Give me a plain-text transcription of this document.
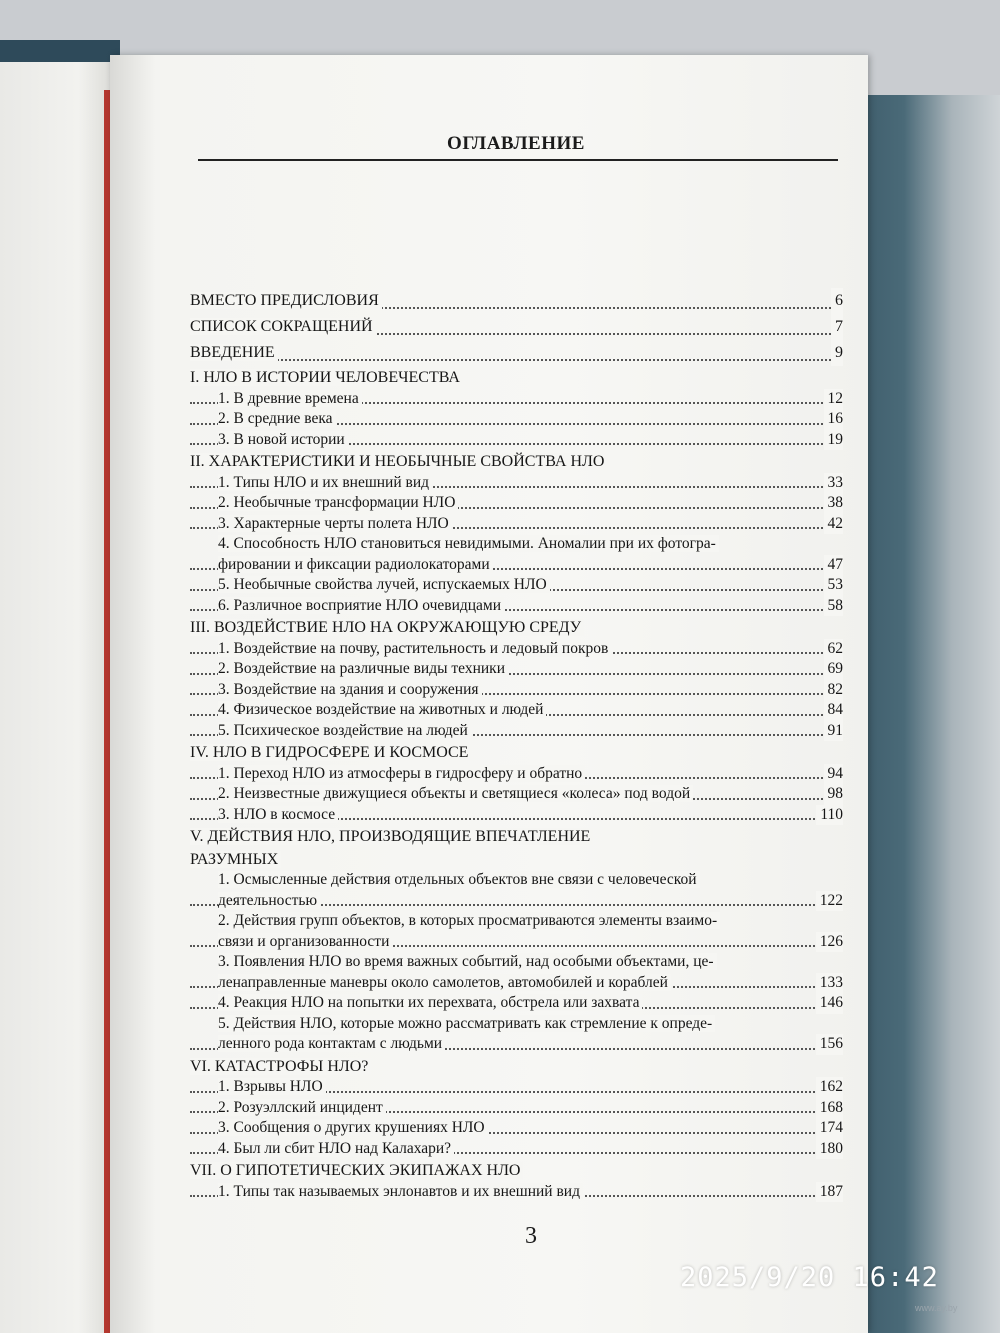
ОГЛАВЛЕНИЕ
ВМЕСТО ПРЕДИСЛОВИЯ	6
СПИСОК СОКРАЩЕНИЙ	7
ВВЕДЕНИЕ	9
I. НЛО В ИСТОРИИ ЧЕЛОВЕЧЕСТВА
1. В древние времена	12
2. В средние века	16
3. В новой истории	19
II. ХАРАКТЕРИСТИКИ И НЕОБЫЧНЫЕ СВОЙСТВА НЛО
1. Типы НЛО и их внешний вид	33
2. Необычные трансформации НЛО	38
3. Характерные черты полета НЛО	42
4. Способность НЛО становиться невидимыми. Аномалии при их фотогра-
фировании и фиксации радиолокаторами	47
5. Необычные свойства лучей, испускаемых НЛО	53
6. Различное восприятие НЛО очевидцами	58
III. ВОЗДЕЙСТВИЕ НЛО НА ОКРУЖАЮЩУЮ СРЕДУ
1. Воздействие на почву, растительность и ледовый покров	62
2. Воздействие на различные виды техники	69
3. Воздействие на здания и сооружения	82
4. Физическое воздействие на животных и людей	84
5. Психическое воздействие на людей	91
IV. НЛО В ГИДРОСФЕРЕ И КОСМОСЕ
1. Переход НЛО из атмосферы в гидросферу и обратно	94
2. Неизвестные движущиеся объекты и светящиеся «колеса» под водой	98
3. НЛО в космосе	110
V. ДЕЙСТВИЯ НЛО, ПРОИЗВОДЯЩИЕ ВПЕЧАТЛЕНИЕ
РАЗУМНЫХ
1. Осмысленные действия отдельных объектов вне связи с человеческой
деятельностью	122
2. Действия групп объектов, в которых просматриваются элементы взаимо-
связи и организованности	126
3. Появления НЛО во время важных событий, над особыми объектами, це-
ленаправленные маневры около самолетов, автомобилей и кораблей	133
4. Реакция НЛО на попытки их перехвата, обстрела или захвата	146
5. Действия НЛО, которые можно рассматривать как стремление к опреде-
ленного рода контактам с людьми	156
VI. КАТАСТРОФЫ НЛО?
1. Взрывы НЛО	162
2. Розуэллский инцидент	168
3. Сообщения о других крушениях НЛО	174
4. Был ли сбит НЛО над Калахари?	180
VII. О ГИПОТЕТИЧЕСКИХ ЭКИПАЖАХ НЛО
1. Типы так называемых энлонавтов и их внешний вид	187
3
2025/9/20 16:42
www.ay.by
